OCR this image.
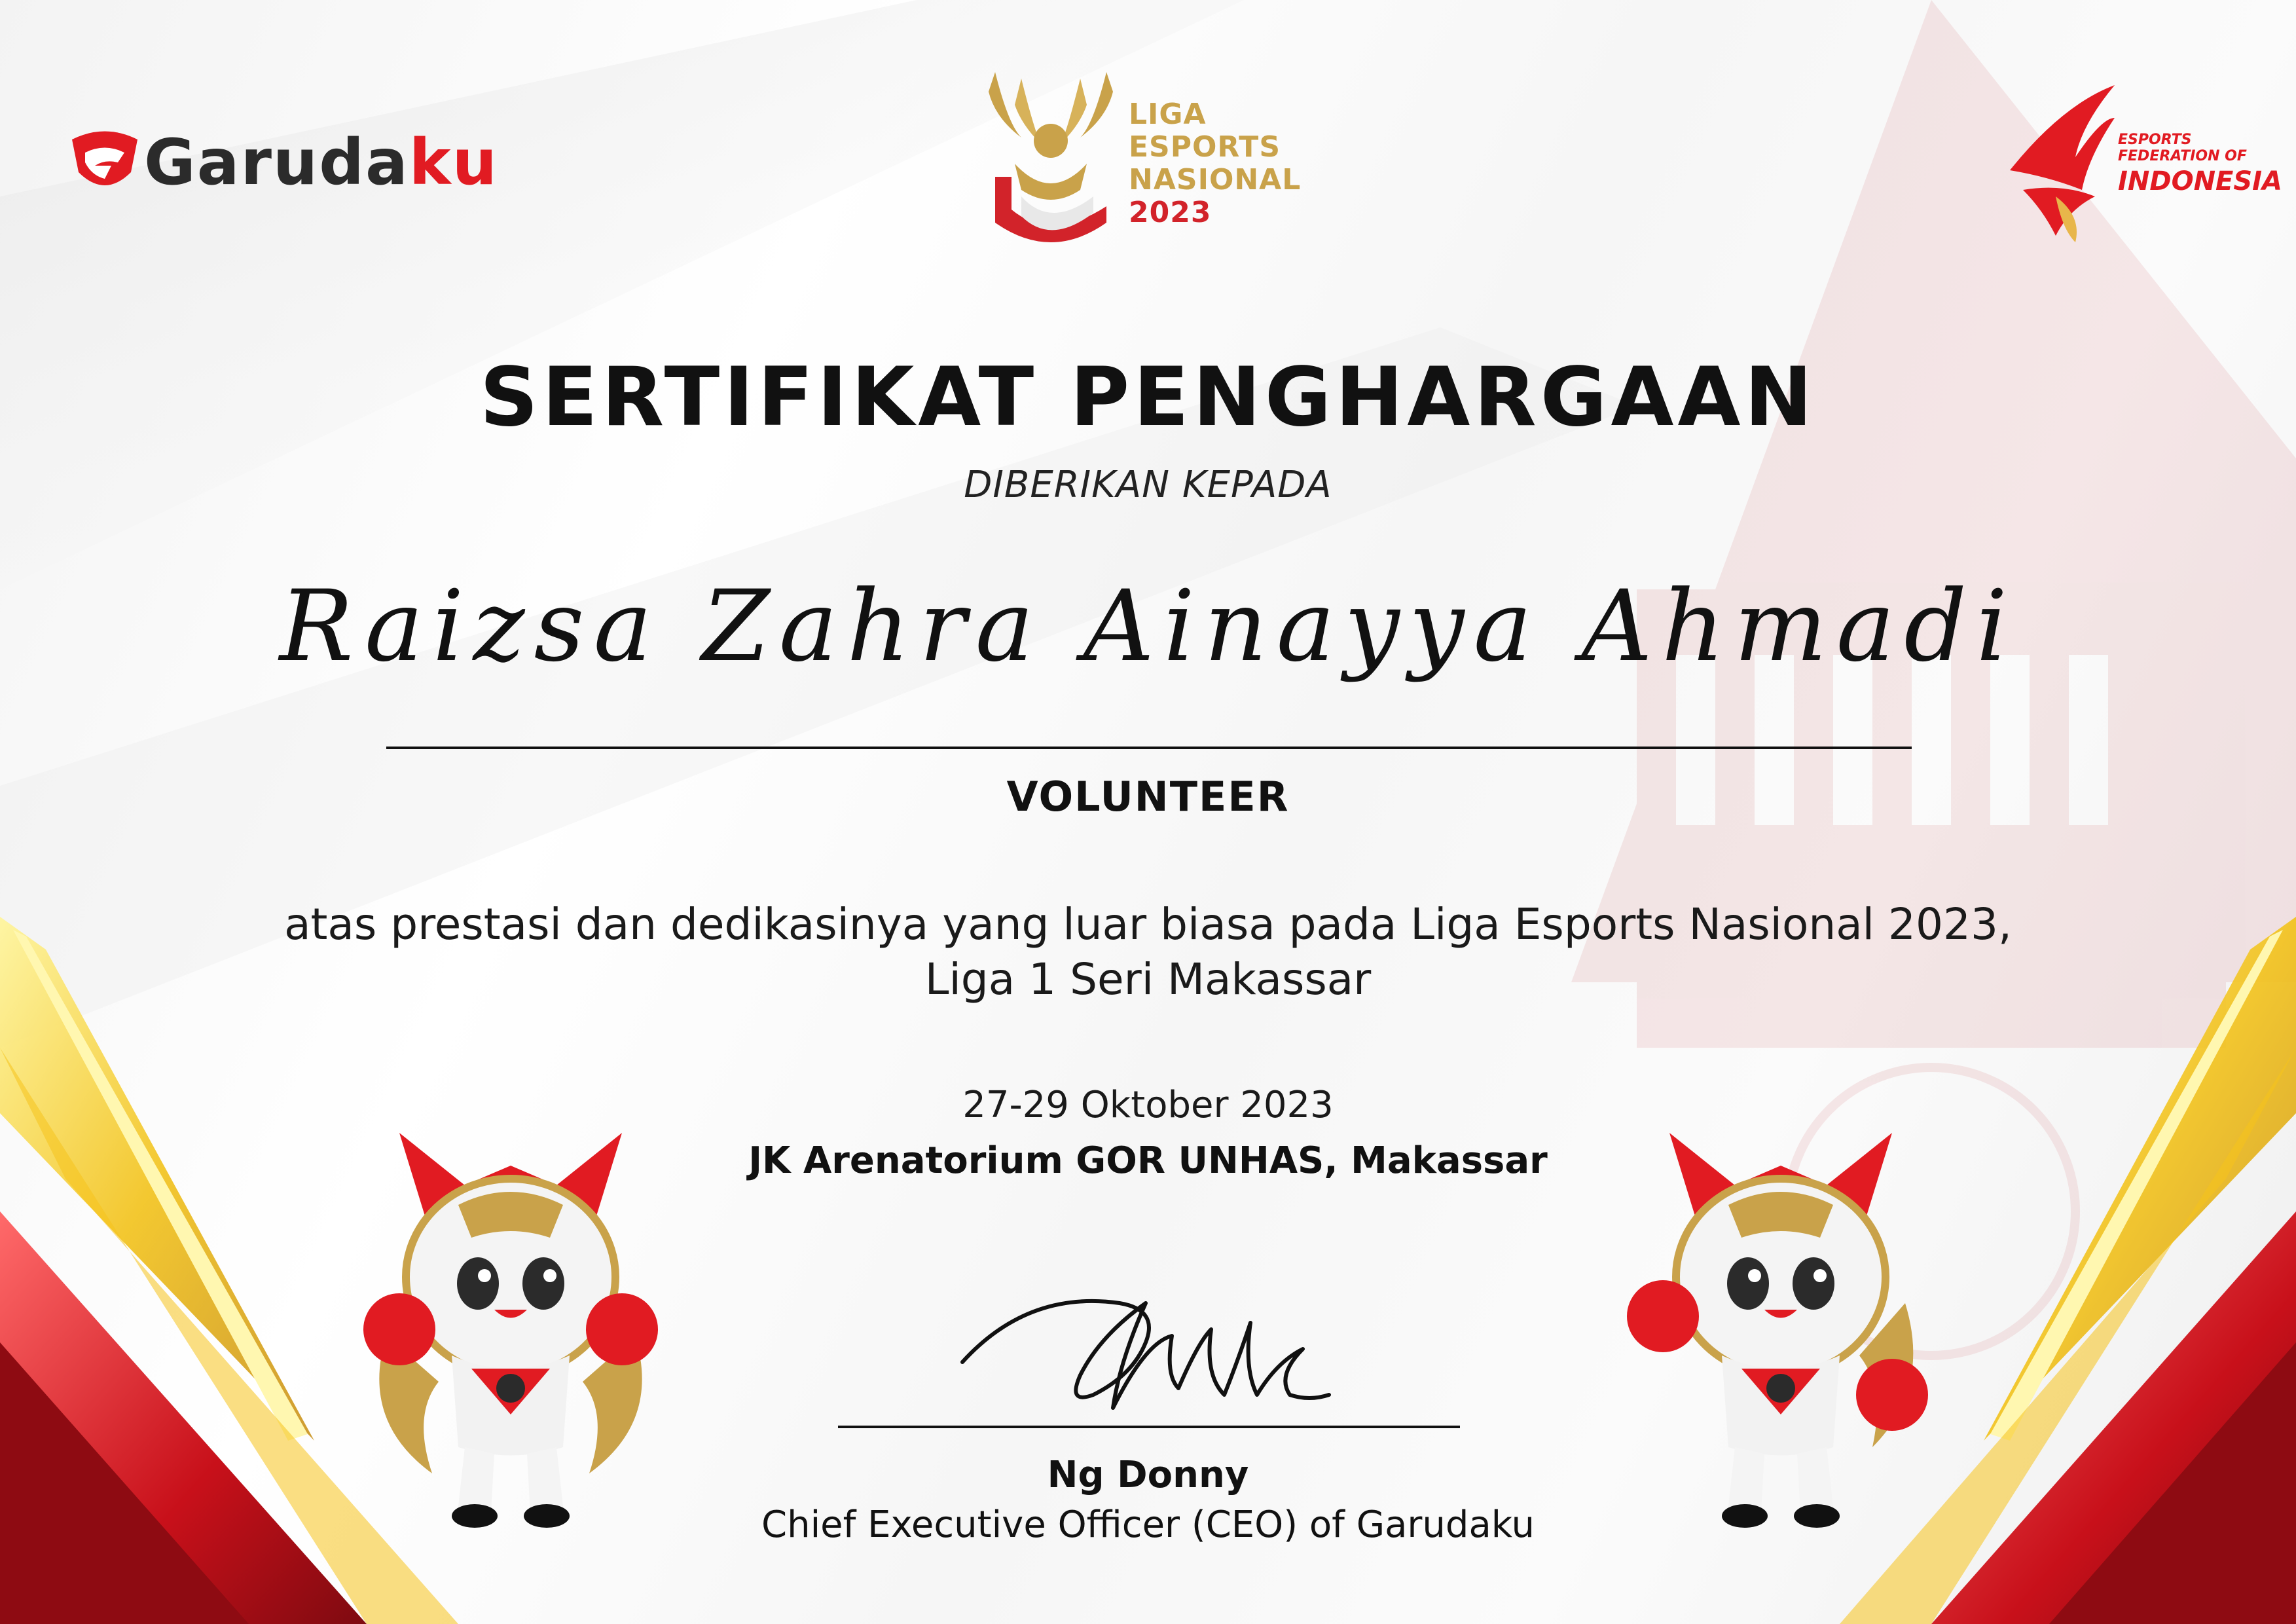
Garudaku
LIGA
ESPORTS
NASIONAL
2023
ESPORTS
FEDERATION OF
INDONESIA
SERTIFIKAT PENGHARGAAN
DIBERIKAN KEPADA
Raizsa Zahra Ainayya Ahmadi
VOLUNTEER
atas prestasi dan dedikasinya yang luar biasa pada Liga Esports Nasional 2023,
Liga 1 Seri Makassar
27-29 Oktober 2023
JK Arenatorium GOR UNHAS, Makassar
Ng Donny
Chief Executive Officer (CEO) of Garudaku
